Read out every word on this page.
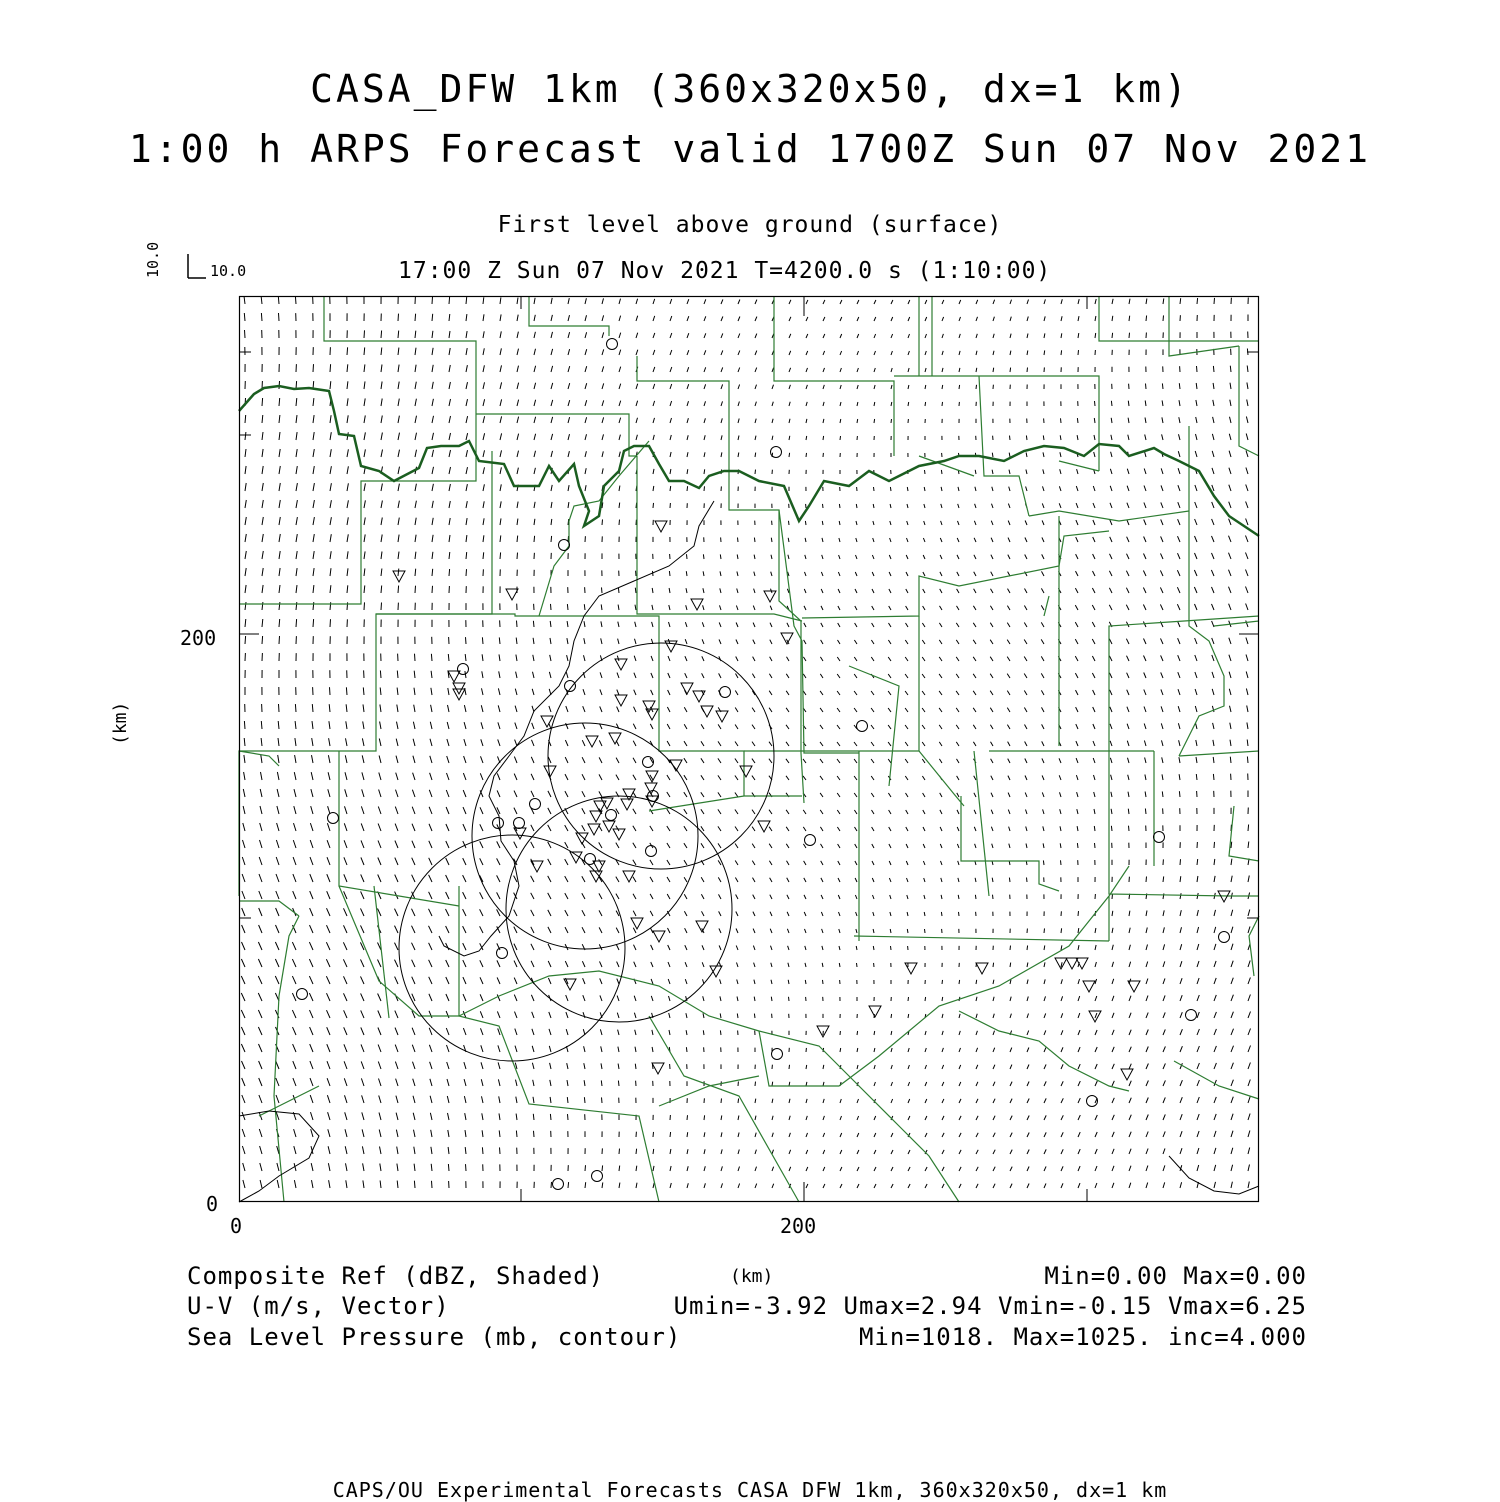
CASA_DFW 1km (360x320x50, dx=1 km)
1:00 h ARPS Forecast valid 1700Z Sun 07 Nov 2021
First level above ground (surface)
17:00 Z Sun 07 Nov 2021 T=4200.0 s (1:10:00)
10.0	10.0
(km)
0
200
0	200
(km)
Composite Ref (dBZ, Shaded)	Min=0.00 Max=0.00
U-V (m/s, Vector)	Umin=-3.92 Umax=2.94 Vmin=-0.15 Vmax=6.25
Sea Level Pressure (mb, contour)	Min=1018. Max=1025. inc=4.000
CAPS/OU Experimental Forecasts CASA DFW 1km, 360x320x50, dx=1 km
